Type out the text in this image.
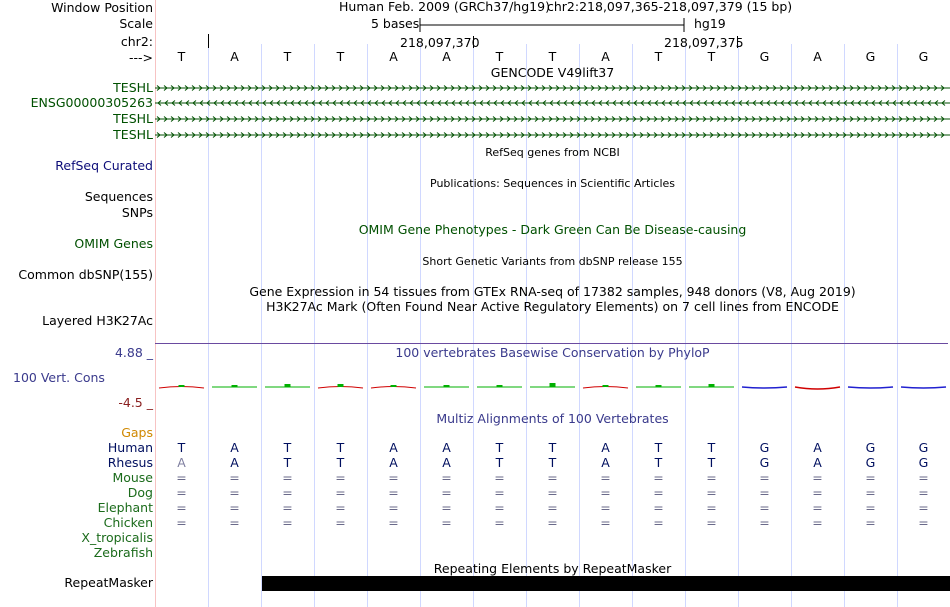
Window Position	Human Feb. 2009 (GRCh37/hg19)
chr2:218,097,365-218,097,379 (15 bp)
Scale	5 bases	hg19
chr2:	218,097,370	218,097,375
--->	T	A	T	T	A	A	T	T	A	T	T	G	A	G	G
GENCODE V49lift37
TESHL
ENSG00000305263
TESHL
TESHL
RefSeq genes from NCBI
RefSeq Curated
Publications: Sequences in Scientific Articles
Sequences
SNPs
OMIM Gene Phenotypes - Dark Green Can Be Disease-causing
OMIM Genes
Short Genetic Variants from dbSNP release 155
Common dbSNP(155)
Gene Expression in 54 tissues from GTEx RNA-seq of 17382 samples, 948 donors (V8, Aug 2019)
H3K27Ac Mark (Often Found Near Active Regulatory Elements) on 7 cell lines from ENCODE
Layered H3K27Ac
4.88 _	100 vertebrates Basewise Conservation by PhyloP
100 Vert. Cons
-4.5 _
Multiz Alignments of 100 Vertebrates
Gaps
Human	T	A	T	T	A	A	T	T	A	T	T	G	A	G	G
Rhesus	A	A	T	T	A	A	T	T	A	T	T	G	A	G	G
Mouse	=	=	=	=	=	=	=	=	=	=	=	=	=	=	=
Dog	=	=	=	=	=	=	=	=	=	=	=	=	=	=	=
Elephant	=	=	=	=	=	=	=	=	=	=	=	=	=	=	=
Chicken	=	=	=	=	=	=	=	=	=	=	=	=	=	=	=
X_tropicalis
Zebrafish
Repeating Elements by RepeatMasker
RepeatMasker
